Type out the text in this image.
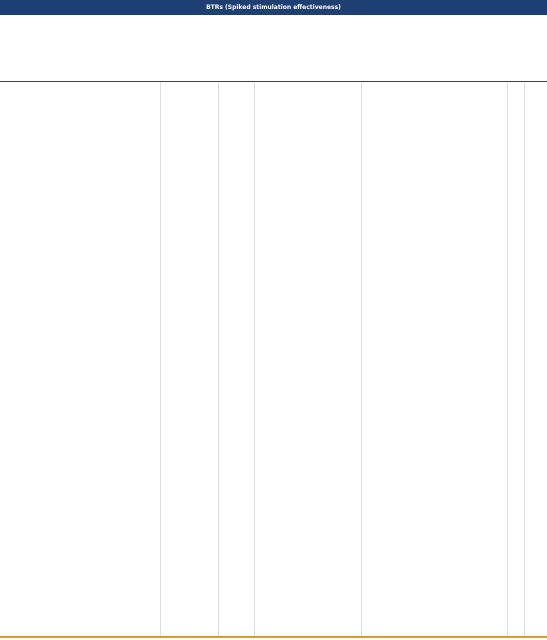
BTRs (Spiked stimulation effectiveness)
